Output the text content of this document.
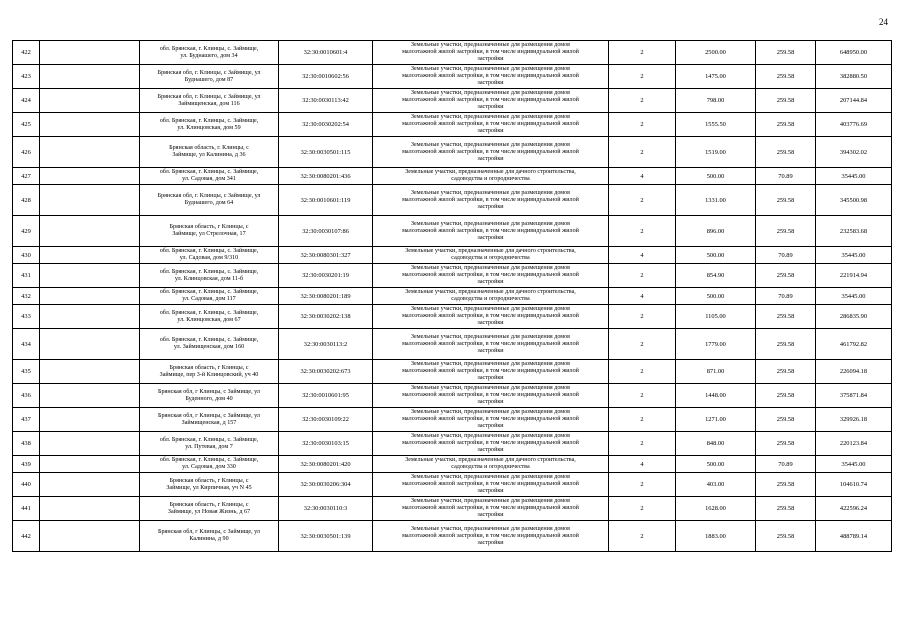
24
422		обл. Брянская, г. Клинцы, с. Займище,
ул. Буднашего, дом 34	32:30:0010601:4	Земельные участки, предназначенные для размещения домов
малоэтажной жилой застройки, в том числе индивидуальной жилой
застройки	2	2500.00	259.58	648950.00
423		Брянская обл, г. Клинцы, с Займище, ул
Буднашего, дом 87	32:30:0010602:56	Земельные участки, предназначенные для размещения домов
малоэтажной жилой застройки, в том числе индивидуальной жилой
застройки	2	1475.00	259.58	382880.50
424		Брянская обл, г. Клинцы, с Займище, ул
Займищенская, дом 116	32:30:0030113:42	Земельные участки, предназначенные для размещения домов
малоэтажной жилой застройки, в том числе индивидуальной жилой
застройки	2	798.00	259.58	207144.84
425		обл. Брянская, г. Клинцы, с. Займище,
ул. Клинцовская, дом 59	32:30:0030202:54	Земельные участки, предназначенные для размещения домов
малоэтажной жилой застройки, в том числе индивидуальной жилой
застройки	2	1555.50	259.58	403776.69
426		Брянская область, г. Клинцы, с
Займище, ул Калинина, д 36	32:30:0030501:115	Земельные участки, предназначенные для размещения домов
малоэтажной жилой застройки, в том числе индивидуальной жилой
застройки	2	1519.00	259.58	394302.02
427		обл. Брянская, г. Клинцы, с. Займище,
ул. Садовая, дом 341	32:30:0080201:436	Земельные участки, предназначенные для дачного строительства,
садоводства и огородничества	4	500.00	70.89	35445.00
428		Брянская обл, г. Клинцы, с Займище, ул
Буднашего, дом 64	32:30:0010601:119	Земельные участки, предназначенные для размещения домов
малоэтажной жилой застройки, в том числе индивидуальной жилой
застройки	2	1331.00	259.58	345500.98
429		Брянская область, г Клинцы, с
Займище, ул Стрелочная, 17	32:30:0030107:86	Земельные участки, предназначенные для размещения домов
малоэтажной жилой застройки, в том числе индивидуальной жилой
застройки	2	896.00	259.58	232583.68
430		обл. Брянская, г. Клинцы, с. Займище,
ул. Садовая, дом 9/310	32:30:0080301:327	Земельные участки, предназначенные для дачного строительства,
садоводства и огородничества	4	500.00	70.89	35445.00
431		обл. Брянская, г. Клинцы, с. Займище,
ул. Клинцовская, дом 11-б	32:30:0030201:19	Земельные участки, предназначенные для размещения домов
малоэтажной жилой застройки, в том числе индивидуальной жилой
застройки	2	854.90	259.58	221914.94
432		обл. Брянская, г. Клинцы, с. Займище,
ул. Садовая, дом 117	32:30:0080201:189	Земельные участки, предназначенные для дачного строительства,
садоводства и огородничества	4	500.00	70.89	35445.00
433		обл. Брянская, г. Клинцы, с. Займище,
ул. Клинцовская, дом 67	32:30:0030202:138	Земельные участки, предназначенные для размещения домов
малоэтажной жилой застройки, в том числе индивидуальной жилой
застройки	2	1105.00	259.58	286835.90
434		обл. Брянская, г. Клинцы, с. Займище,
ул. Займищенская, дом 160	32:30:0030113:2	Земельные участки, предназначенные для размещения домов
малоэтажной жилой застройки, в том числе индивидуальной жилой
застройки	2	1779.00	259.58	461792.82
435		Брянская область, г Клинцы, с
Займище, пер 3-й Клинцовский, уч 40	32:30:0030202:673	Земельные участки, предназначенные для размещения домов
малоэтажной жилой застройки, в том числе индивидуальной жилой
застройки	2	871.00	259.58	226094.18
436		Брянская обл, г Клинцы, с Займище, ул
Буденного, дом 40	32:30:0010601:95	Земельные участки, предназначенные для размещения домов
малоэтажной жилой застройки, в том числе индивидуальной жилой
застройки	2	1448.00	259.58	375871.84
437		Брянская обл, г Клинцы, с Займище, ул
Займищенская, д 157	32:30:0030109:22	Земельные участки, предназначенные для размещения домов
малоэтажной жилой застройки, в том числе индивидуальной жилой
застройки	2	1271.00	259.58	329926.18
438		обл. Брянская, г. Клинцы, с. Займище,
ул. Путевая, дом 7	32:30:0030103:15	Земельные участки, предназначенные для размещения домов
малоэтажной жилой застройки, в том числе индивидуальной жилой
застройки	2	848.00	259.58	220123.84
439		обл. Брянская, г. Клинцы, с. Займище,
ул. Садовая, дом 330	32:30:0080201:420	Земельные участки, предназначенные для дачного строительства,
садоводства и огородничества	4	500.00	70.89	35445.00
440		Брянская область, г Клинцы, с
Займище, ул Кирпичная, уч N 45	32:30:0030206:304	Земельные участки, предназначенные для размещения домов
малоэтажной жилой застройки, в том числе индивидуальной жилой
застройки	2	403.00	259.58	104610.74
441		Брянская область, г Клинцы, с
Займище, ул Новая Жизнь, д 67	32:30:0030110:3	Земельные участки, предназначенные для размещения домов
малоэтажной жилой застройки, в том числе индивидуальной жилой
застройки	2	1628.00	259.58	422596.24
442		Брянская обл, г Клинцы, с Займище, ул
Калинина, д 90	32:30:0030501:139	Земельные участки, предназначенные для размещения домов
малоэтажной жилой застройки, в том числе индивидуальной жилой
застройки	2	1883.00	259.58	488789.14
